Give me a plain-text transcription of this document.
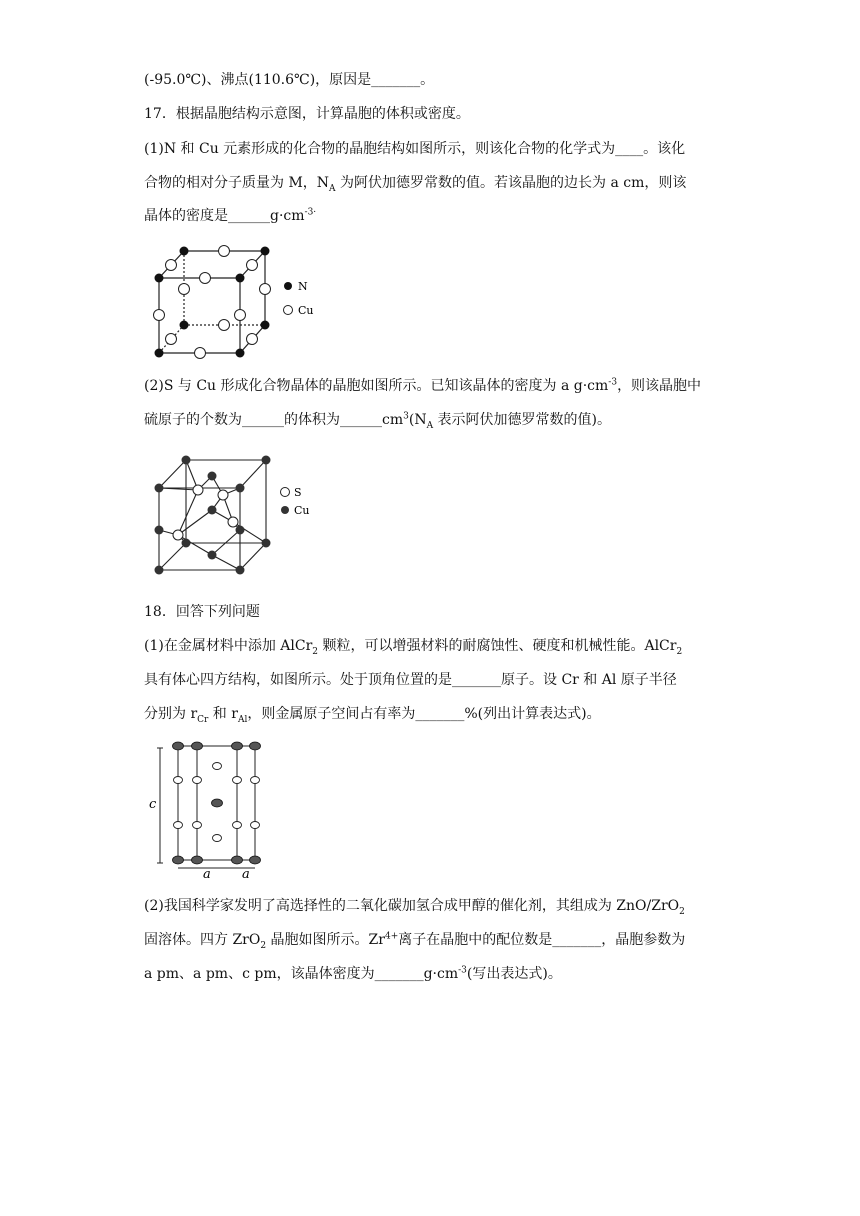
(-95.0℃)、沸点(110.6℃)，原因是_______。
17．根据晶胞结构示意图，计算晶胞的体积或密度。
(1)N 和 Cu 元素形成的化合物的晶胞结构如图所示，则该化合物的化学式为____。该化
合物的相对分子质量为 M，$N_A$ 为阿伏加德罗常数的值。若该晶胞的边长为 a cm，则该
晶体的密度是$\_\_\_\_\_\_g\cdot cm^{-3\cdot}$
N
Cu
(2)S 与 Cu 形成化合物晶体的晶胞如图所示。已知该晶体的密度为 a $g\cdot cm^{-3}$，则该晶胞中
硫原子的个数为______的体积为$\_\_\_\_\_\_cm^3(N_A$ 表示阿伏加德罗常数的值)。
S
Cu
18．回答下列问题
(1)在金属材料中添加 AlCr$_2$ 颗粒，可以增强材料的耐腐蚀性、硬度和机械性能。AlCr$_2$
具有体心四方结构，如图所示。处于顶角位置的是_______原子。设 Cr 和 Al 原子半径
分别为 $r_{Cr}$ 和 $r_{Al}$，则金属原子空间占有率为_______%(列出计算表达式)。
c
a a
(2)我国科学家发明了高选择性的二氧化碳加氢合成甲醇的催化剂，其组成为 ZnO/ZrO$_2$
固溶体。四方 ZrO$_2$ 晶胞如图所示。$Zr^{4+}$离子在晶胞中的配位数是_______，晶胞参数为
a pm、a pm、c pm，该晶体密度为$\_\_\_\_\_\_\_g\cdot cm^{-3}$(写出表达式)。
